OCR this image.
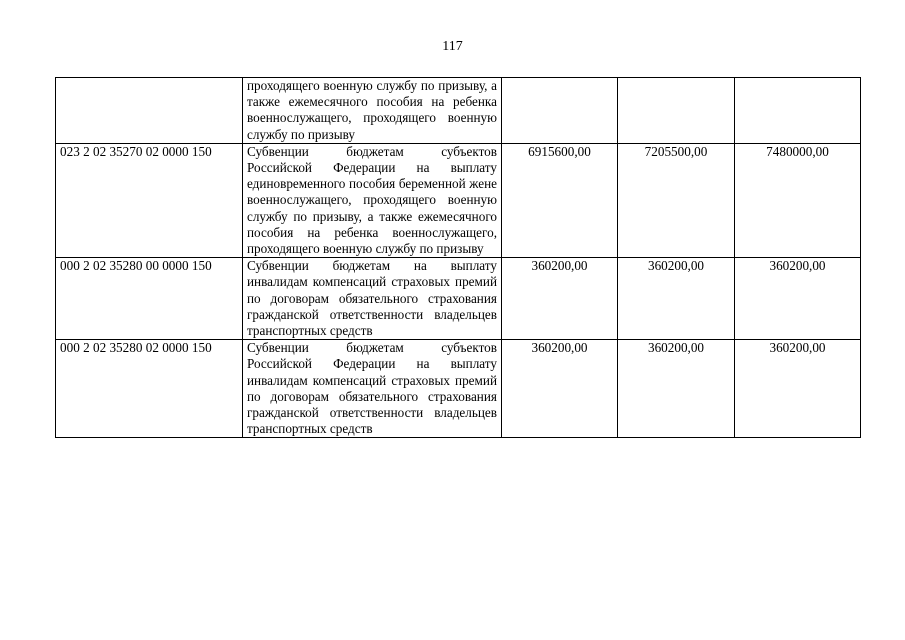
117
	проходящего военную службу по призыву, а также ежемесячного пособия на ребенка военнослужащего, проходящего военную службу по призыву			
023 2 02 35270 02 0000 150	Субвенции бюджетам субъектов Российской Федерации на выплату единовременного пособия беременной жене военнослужащего, проходящего военную службу по призыву, а также ежемесячного пособия на ребенка военнослужащего, проходящего военную службу по призыву	6915600,00	7205500,00	7480000,00
000 2 02 35280 00 0000 150	Субвенции бюджетам на выплату инвалидам компенсаций страховых премий по договорам обязательного страхования гражданской ответственности владельцев транспортных средств	360200,00	360200,00	360200,00
000 2 02 35280 02 0000 150	Субвенции бюджетам субъектов Российской Федерации на выплату инвалидам компенсаций страховых премий по договорам обязательного страхования гражданской ответственности владельцев транспортных средств	360200,00	360200,00	360200,00
